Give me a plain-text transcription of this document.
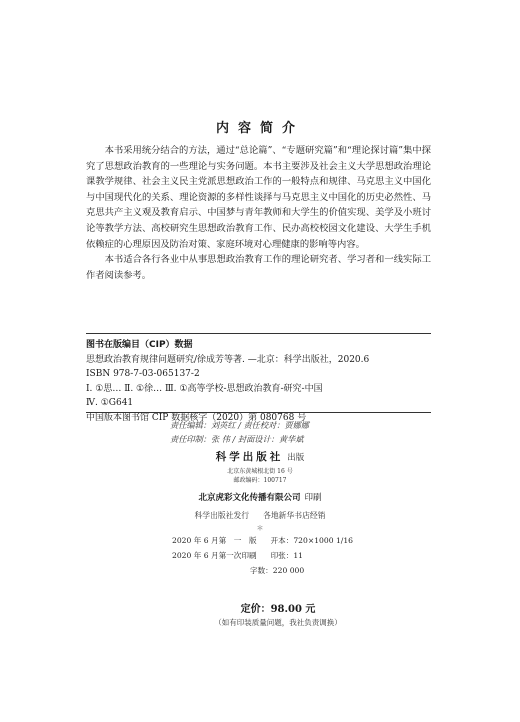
内容简介

本书采用统分结合的方法，通过“总论篇”、“专题研究篇”和“理论探讨篇”集中探究了思想政治教育的一些理论与实务问题。本书主要涉及社会主义大学思想政治理论课教学规律、社会主义民主党派思想政治工作的一般特点和规律、马克思主义中国化与中国现代化的关系、理论资源的多样性谈择与马克思主义中国化的历史必然性、马克思共产主义观及教育启示、中国梦与青年教师和大学生的价值实现、美学及小班讨论等教学方法、高校研究生思想政治教育工作、民办高校校园文化建设、大学生手机依赖症的心理原因及防治对策、家庭环境对心理健康的影响等内容。

本书适合各行各业中从事思想政治教育工作的理论研究者、学习者和一线实际工作者阅读参考。

图书在版编目（CIP）数据
思想政治教育规律问题研究/徐成芳等著. —北京：科学出版社，2020.6
ISBN 978-7-03-065137-2
Ⅰ. ①思… Ⅱ. ①徐… Ⅲ. ①高等学校-思想政治教育-研究-中国
Ⅳ. ①G641
中国版本图书馆 CIP 数据核字（2020）第 080768 号
责任编辑：刘英红 / 责任校对：贾娜娜
责任印制：张 伟 / 封面设计：黄华斌
科学出版社 出版
北京东黄城根北街 16 号
邮政编码：100717
北京虎彩文化传播有限公司 印刷
科学出版社发行 各地新华书店经销
＊
2020 年 6 月第　一　版 开本：720×1000 1/16
2020 年 6 月第一次印刷 印张：11
字数：220 000
定价：98.00 元
（如有印装质量问题，我社负责调换）
